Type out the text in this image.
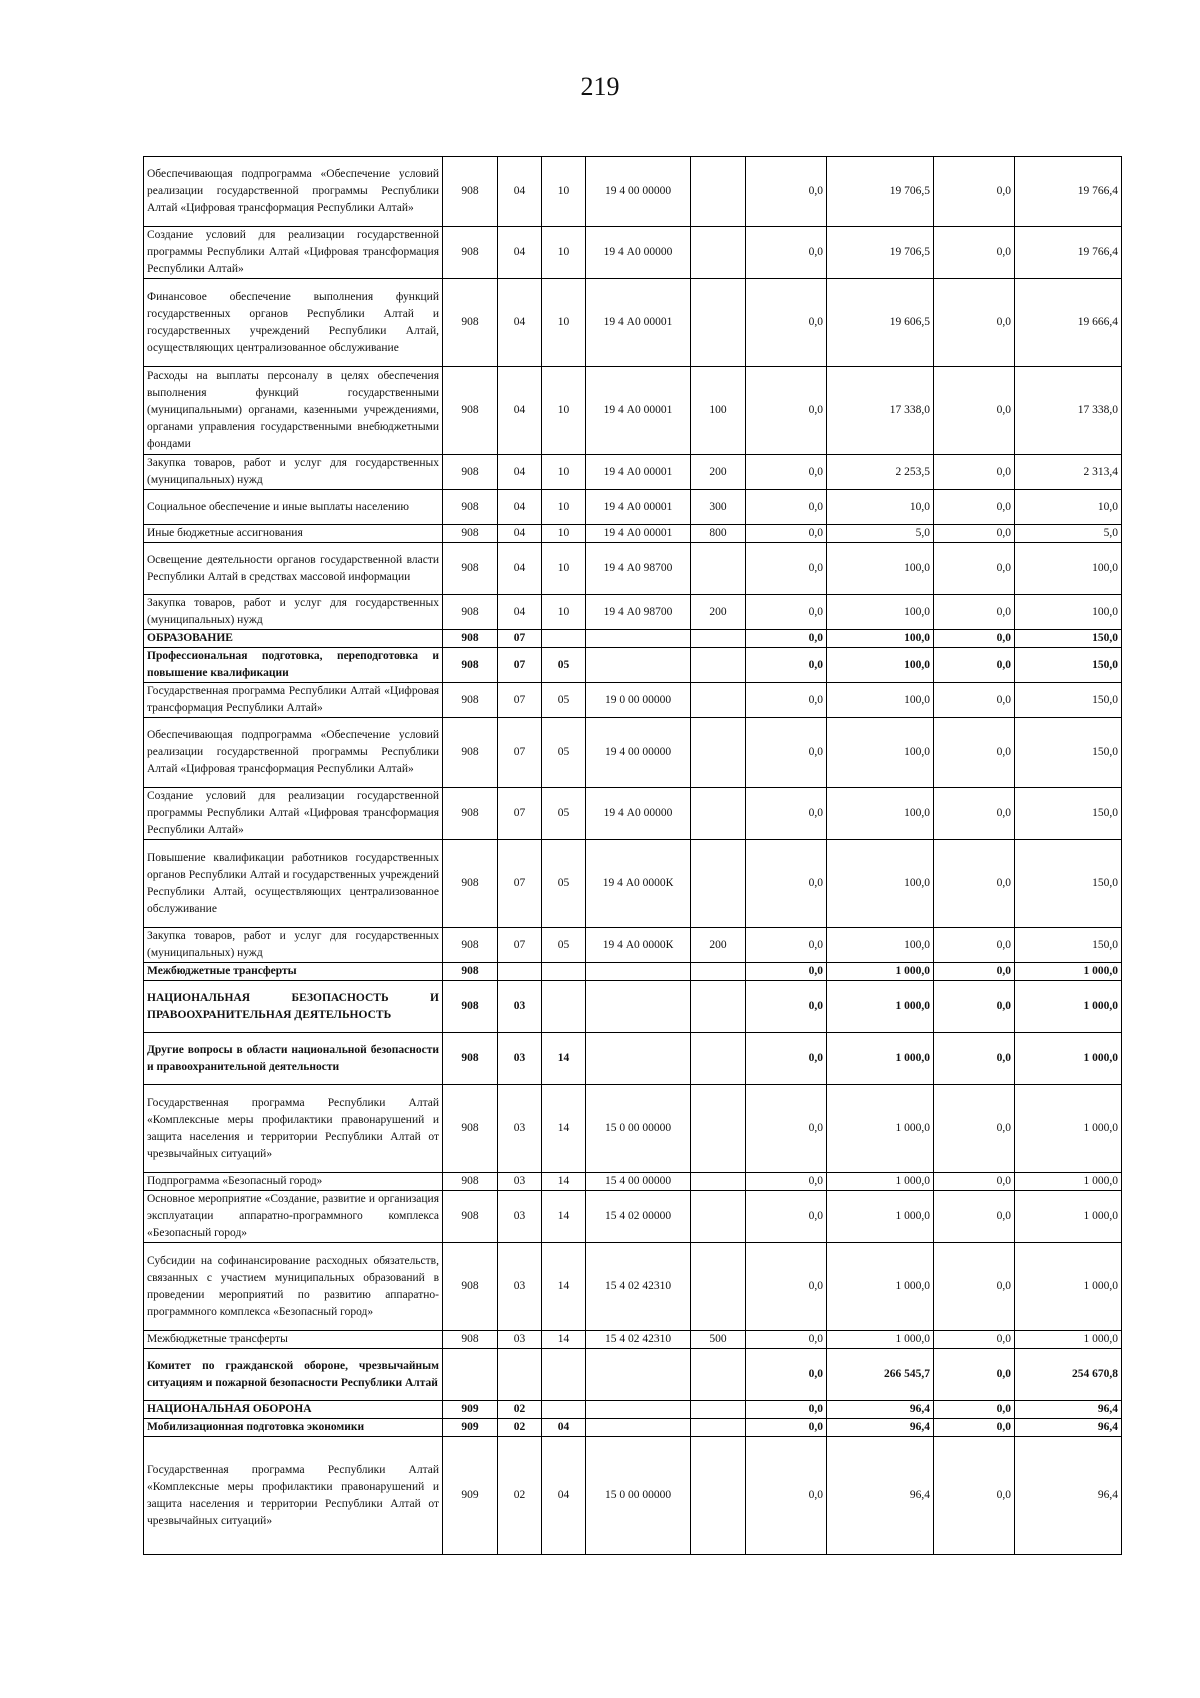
219
Обеспечивающая подпрограмма «Обеспечение условий реализации государственной программы Республики Алтай «Цифровая трансформация Республики Алтай»	908	04	10	19 4 00 00000		0,0	19 706,5	0,0	19 766,4
Создание условий для реализации государственной программы Республики Алтай «Цифровая трансформация Республики Алтай»	908	04	10	19 4 А0 00000		0,0	19 706,5	0,0	19 766,4
Финансовое обеспечение выполнения функций государственных органов Республики Алтай и государственных учреждений Республики Алтай, осуществляющих централизованное обслуживание	908	04	10	19 4 А0 00001		0,0	19 606,5	0,0	19 666,4
Расходы на выплаты персоналу в целях обеспечения выполнения функций государственными (муниципальными) органами, казенными учреждениями, органами управления государственными внебюджетными фондами	908	04	10	19 4 А0 00001	100	0,0	17 338,0	0,0	17 338,0
Закупка товаров, работ и услуг для государственных (муниципальных) нужд	908	04	10	19 4 А0 00001	200	0,0	2 253,5	0,0	2 313,4
Социальное обеспечение и иные выплаты населению	908	04	10	19 4 А0 00001	300	0,0	10,0	0,0	10,0
Иные бюджетные ассигнования	908	04	10	19 4 А0 00001	800	0,0	5,0	0,0	5,0
Освещение деятельности органов государственной власти Республики Алтай в средствах массовой информации	908	04	10	19 4 А0 98700		0,0	100,0	0,0	100,0
Закупка товаров, работ и услуг для государственных (муниципальных) нужд	908	04	10	19 4 А0 98700	200	0,0	100,0	0,0	100,0
ОБРАЗОВАНИЕ	908	07				0,0	100,0	0,0	150,0
Профессиональная подготовка, переподготовка и повышение квалификации	908	07	05			0,0	100,0	0,0	150,0
Государственная программа Республики Алтай «Цифровая трансформация Республики Алтай»	908	07	05	19 0 00 00000		0,0	100,0	0,0	150,0
Обеспечивающая подпрограмма «Обеспечение условий реализации государственной программы Республики Алтай «Цифровая трансформация Республики Алтай»	908	07	05	19 4 00 00000		0,0	100,0	0,0	150,0
Создание условий для реализации государственной программы Республики Алтай «Цифровая трансформация Республики Алтай»	908	07	05	19 4 А0 00000		0,0	100,0	0,0	150,0
Повышение квалификации работников государственных органов Республики Алтай и государственных учреждений Республики Алтай, осуществляющих централизованное обслуживание	908	07	05	19 4 А0 0000К		0,0	100,0	0,0	150,0
Закупка товаров, работ и услуг для государственных (муниципальных) нужд	908	07	05	19 4 А0 0000К	200	0,0	100,0	0,0	150,0
Межбюджетные трансферты	908					0,0	1 000,0	0,0	1 000,0
НАЦИОНАЛЬНАЯ БЕЗОПАСНОСТЬ И ПРАВООХРАНИТЕЛЬНАЯ ДЕЯТЕЛЬНОСТЬ	908	03				0,0	1 000,0	0,0	1 000,0
Другие вопросы в области национальной безопасности и правоохранительной деятельности	908	03	14			0,0	1 000,0	0,0	1 000,0
Государственная программа Республики Алтай «Комплексные меры профилактики правонарушений и защита населения и территории Республики Алтай от чрезвычайных ситуаций»	908	03	14	15 0 00 00000		0,0	1 000,0	0,0	1 000,0
Подпрограмма «Безопасный город»	908	03	14	15 4 00 00000		0,0	1 000,0	0,0	1 000,0
Основное мероприятие «Создание, развитие и организация эксплуатации аппаратно-программного комплекса «Безопасный город»	908	03	14	15 4 02 00000		0,0	1 000,0	0,0	1 000,0
Субсидии на софинансирование расходных обязательств, связанных с участием муниципальных образований в проведении мероприятий по развитию аппаратно-программного комплекса «Безопасный город»	908	03	14	15 4 02 42310		0,0	1 000,0	0,0	1 000,0
Межбюджетные трансферты	908	03	14	15 4 02 42310	500	0,0	1 000,0	0,0	1 000,0
Комитет по гражданской обороне, чрезвычайным ситуациям и пожарной безопасности Республики Алтай						0,0	266 545,7	0,0	254 670,8
НАЦИОНАЛЬНАЯ ОБОРОНА	909	02				0,0	96,4	0,0	96,4
Мобилизационная подготовка экономики	909	02	04			0,0	96,4	0,0	96,4
Государственная программа Республики Алтай «Комплексные меры профилактики правонарушений и защита населения и территории Республики Алтай от чрезвычайных ситуаций»	909	02	04	15 0 00 00000		0,0	96,4	0,0	96,4
